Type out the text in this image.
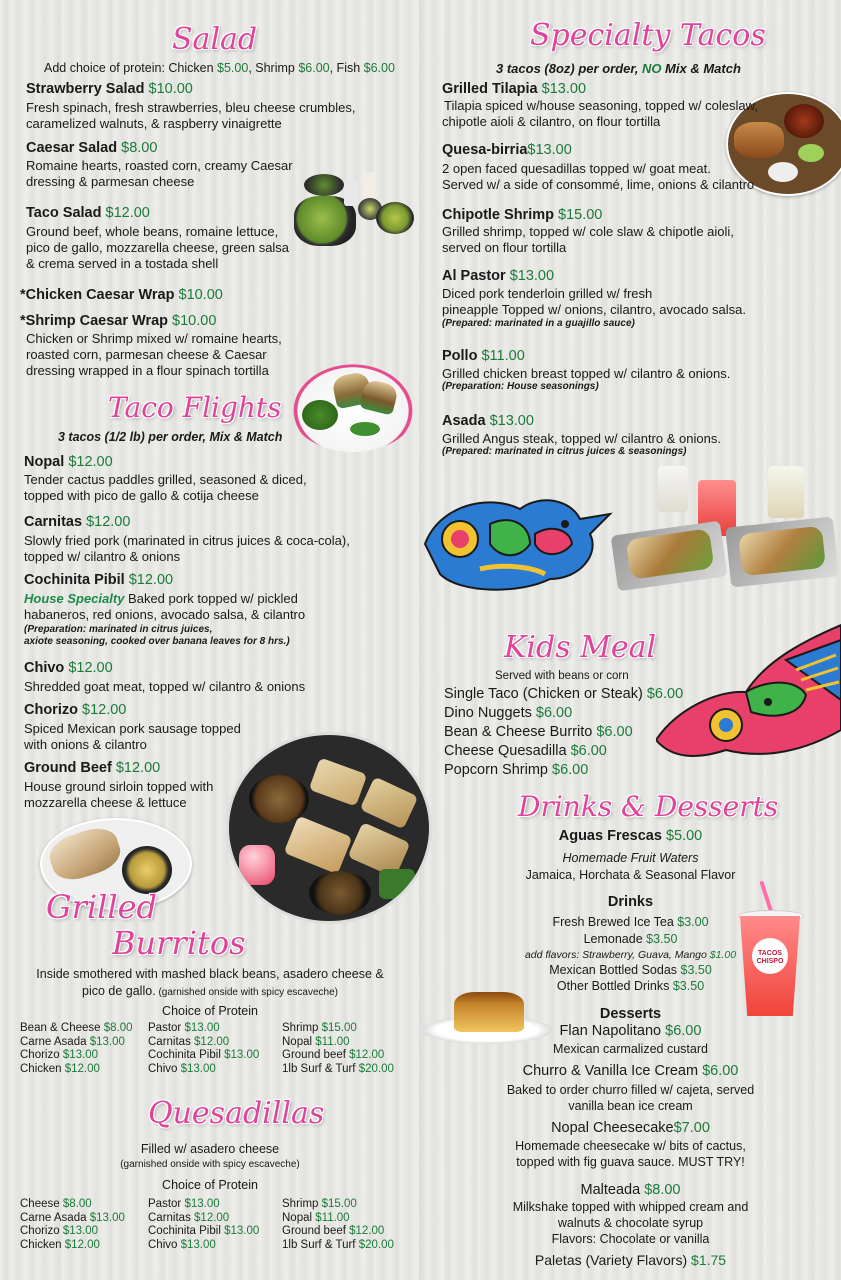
Salad
Add choice of protein: Chicken $5.00, Shrimp $6.00, Fish $6.00
Strawberry Salad $10.00
Fresh spinach, fresh strawberries, bleu cheese crumbles,
caramelized walnuts, & raspberry vinaigrette
Caesar Salad $8.00
Romaine hearts, roasted corn, creamy Caesar
dressing & parmesan cheese
Taco Salad $12.00
Ground beef, whole beans, romaine lettuce,
pico de gallo, mozzarella cheese, green salsa
& crema served in a tostada shell
*Chicken Caesar Wrap $10.00
*Shrimp Caesar Wrap $10.00
Chicken or Shrimp mixed w/ romaine hearts,
roasted corn, parmesan cheese & Caesar
dressing wrapped in a flour spinach tortilla
Taco Flights
3 tacos (1/2 lb) per order, Mix & Match
Nopal $12.00
Tender cactus paddles grilled, seasoned & diced,
topped with pico de gallo & cotija cheese
Carnitas $12.00
Slowly fried pork (marinated in citrus juices & coca-cola),
topped w/ cilantro & onions
Cochinita Pibil $12.00
House Specialty Baked pork topped w/ pickled
habaneros, red onions, avocado salsa, & cilantro
(Preparation: marinated in citrus juices,
axiote seasoning, cooked over banana leaves for 8 hrs.)
Chivo $12.00
Shredded goat meat, topped w/ cilantro & onions
Chorizo $12.00
Spiced Mexican pork sausage topped
with onions & cilantro
Ground Beef $12.00
House ground sirloin topped with
mozzarella cheese & lettuce
Grilled
Burritos
Inside smothered with mashed black beans, asadero cheese &
pico de gallo. (garnished onside with spicy escaveche)
Choice of Protein
Bean & Cheese $8.00
Carne Asada $13.00
Chorizo $13.00
Chicken $12.00
Pastor $13.00
Carnitas $12.00
Cochinita Pibil $13.00
Chivo $13.00
Shrimp $15.00
Nopal $11.00
Ground beef $12.00
1lb Surf & Turf $20.00
Quesadillas
Filled w/ asadero cheese
(garnished onside with spicy escaveche)
Choice of Protein
Cheese $8.00
Carne Asada $13.00
Chorizo $13.00
Chicken $12.00
Pastor $13.00
Carnitas $12.00
Cochinita Pibil $13.00
Chivo $13.00
Shrimp $15.00
Nopal $11.00
Ground beef $12.00
1lb Surf & Turf $20.00
Specialty Tacos
3 tacos (8oz) per order, NO Mix & Match
Grilled Tilapia $13.00
Tilapia spiced w/house seasoning, topped w/ coleslaw,
chipotle aioli & cilantro, on flour tortilla
Quesa-birria$13.00
2 open faced quesadillas topped w/ goat meat.
Served w/ a side of consommé, lime, onions & cilantro
Chipotle Shrimp $15.00
Grilled shrimp, topped w/ cole slaw & chipotle aioli,
served on flour tortilla
Al Pastor $13.00
Diced pork tenderloin grilled w/ fresh
pineapple Topped w/ onions, cilantro, avocado salsa.
(Prepared: marinated in a guajillo sauce)
Pollo $11.00
Grilled chicken breast topped w/ cilantro & onions.
(Preparation: House seasonings)
Asada $13.00
Grilled Angus steak, topped w/ cilantro & onions.
(Prepared: marinated in citrus juices & seasonings)
Kids Meal
Served with beans or corn
Single Taco (Chicken or Steak) $6.00
Dino Nuggets $6.00
Bean & Cheese Burrito $6.00
Cheese Quesadilla $6.00
Popcorn Shrimp $6.00
Drinks & Desserts
Aguas Frescas $5.00
Homemade Fruit Waters
Jamaica, Horchata & Seasonal Flavor
Drinks
Fresh Brewed Ice Tea $3.00
Lemonade $3.50
add flavors: Strawberry, Guava, Mango $1.00
Mexican Bottled Sodas $3.50
Other Bottled Drinks $3.50
TACOS CHISPO
Desserts
Flan Napolitano $6.00
Mexican carmalized custard
Churro & Vanilla Ice Cream $6.00
Baked to order churro filled w/ cajeta, served
vanilla bean ice cream
Nopal Cheesecake$7.00
Homemade cheesecake w/ bits of cactus,
topped with fig guava sauce. MUST TRY!
Malteada $8.00
Milkshake topped with whipped cream and
walnuts & chocolate syrup
Flavors: Chocolate or vanilla
Paletas (Variety Flavors) $1.75
